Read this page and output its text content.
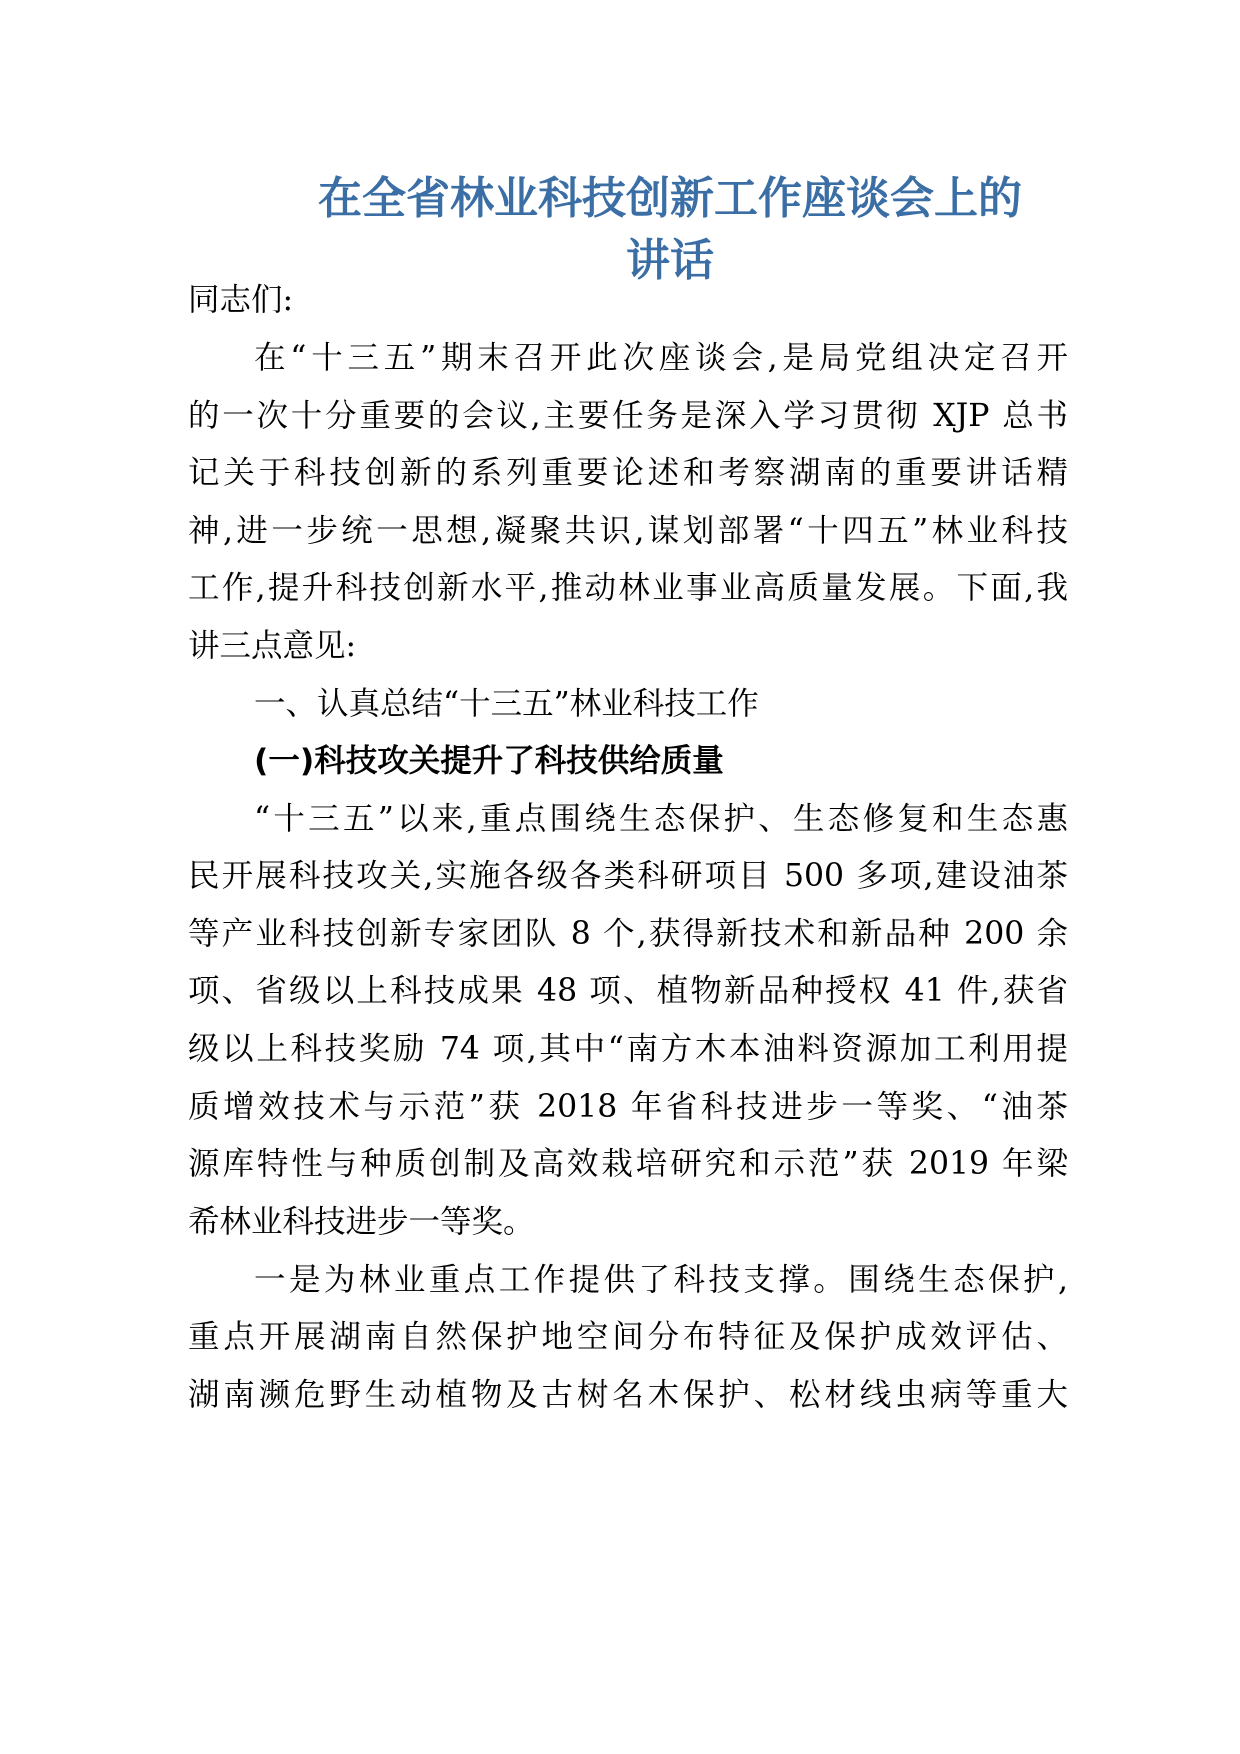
在全省林业科技创新工作座谈会上的
讲话
同志们:
在“十三五”期末召开此次座谈会,是局党组决定召开
的一次十分重要的会议,主要任务是深入学习贯彻 XJP 总书
记关于科技创新的系列重要论述和考察湖南的重要讲话精
神,进一步统一思想,凝聚共识,谋划部署“十四五”林业科技
工作,提升科技创新水平,推动林业事业高质量发展。下面,我
讲三点意见:
一、认真总结“十三五”林业科技工作
(一)科技攻关提升了科技供给质量
“十三五”以来,重点围绕生态保护、生态修复和生态惠
民开展科技攻关,实施各级各类科研项目 500 多项,建设油茶
等产业科技创新专家团队 8 个,获得新技术和新品种 200 余
项、省级以上科技成果 48 项、植物新品种授权 41 件,获省
级以上科技奖励 74 项,其中“南方木本油料资源加工利用提
质增效技术与示范”获 2018 年省科技进步一等奖、“油茶
源库特性与种质创制及高效栽培研究和示范”获 2019 年梁
希林业科技进步一等奖。
一是为林业重点工作提供了科技支撑。围绕生态保护,
重点开展湖南自然保护地空间分布特征及保护成效评估、
湖南濒危野生动植物及古树名木保护、松材线虫病等重大
